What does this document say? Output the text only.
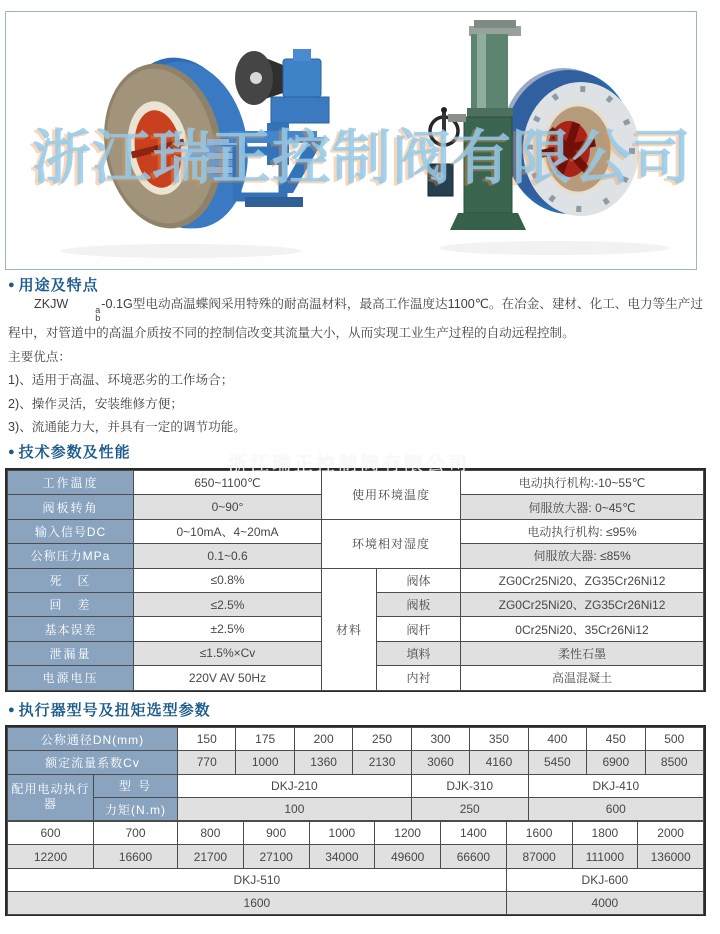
浙江瑞正控制阀有限公司
浙江瑞正控制阀有限公司
● 用途及特点

ZKJW	a
b
-0.1G型电动高温蝶阀采用特殊的耐高温材料，最高工作温度达1100℃。在冶金、建材、化工、电力等生产过程中，对管道中的高温介质按不同的控制信改变其流量大小，从而实现工业生产过程的自动远程控制。

主要优点：

1)、适用于高温、环境恶劣的工作场合；

2)、操作灵活，安装维修方便；

3)、流通能力大，并具有一定的调节功能。

● 技术参数及性能
工作温度	650~1100℃	使用环境温度		电动执行机构:-10~55℃
阀板转角	0~90°			伺服放大器: 0~45℃
输入信号DC	0~10mA、4~20mA	环境相对湿度		电动执行机构: ≤95%
公称压力MPa	0.1~0.6			伺服放大器: ≤85%
死　区	≤0.8%	材料	阀体	ZG0Cr25Ni20、ZG35Cr26Ni12
回　差	≤2.5%		阀板	ZG0Cr25Ni20、ZG35Cr26Ni12
基本误差	±2.5%		阀杆	0Cr25Ni20、35Cr26Ni12
泄漏量	≤1.5%×Cv		填料	柔性石墨
电源电压	220V AV 50Hz		内衬	高温混凝土
● 执行器型号及扭矩选型参数
公称通径DN(mm)		150	175	200	250	300	350	400	450	500
额定流量系数Cv		770	1000	1360	2130	3060	4160	5450	6900	8500
配用电动执行器	型 号	DKJ-210				DJK-310		DKJ-410		
	力矩(N.m)	100				250		600		
600	700	800	900	1000	1200	1400	1600	1800	2000
12200	16600	21700	27100	34000	49600	66600	87000	111000	136000
DKJ-510							DKJ-600		
1600							4000		
